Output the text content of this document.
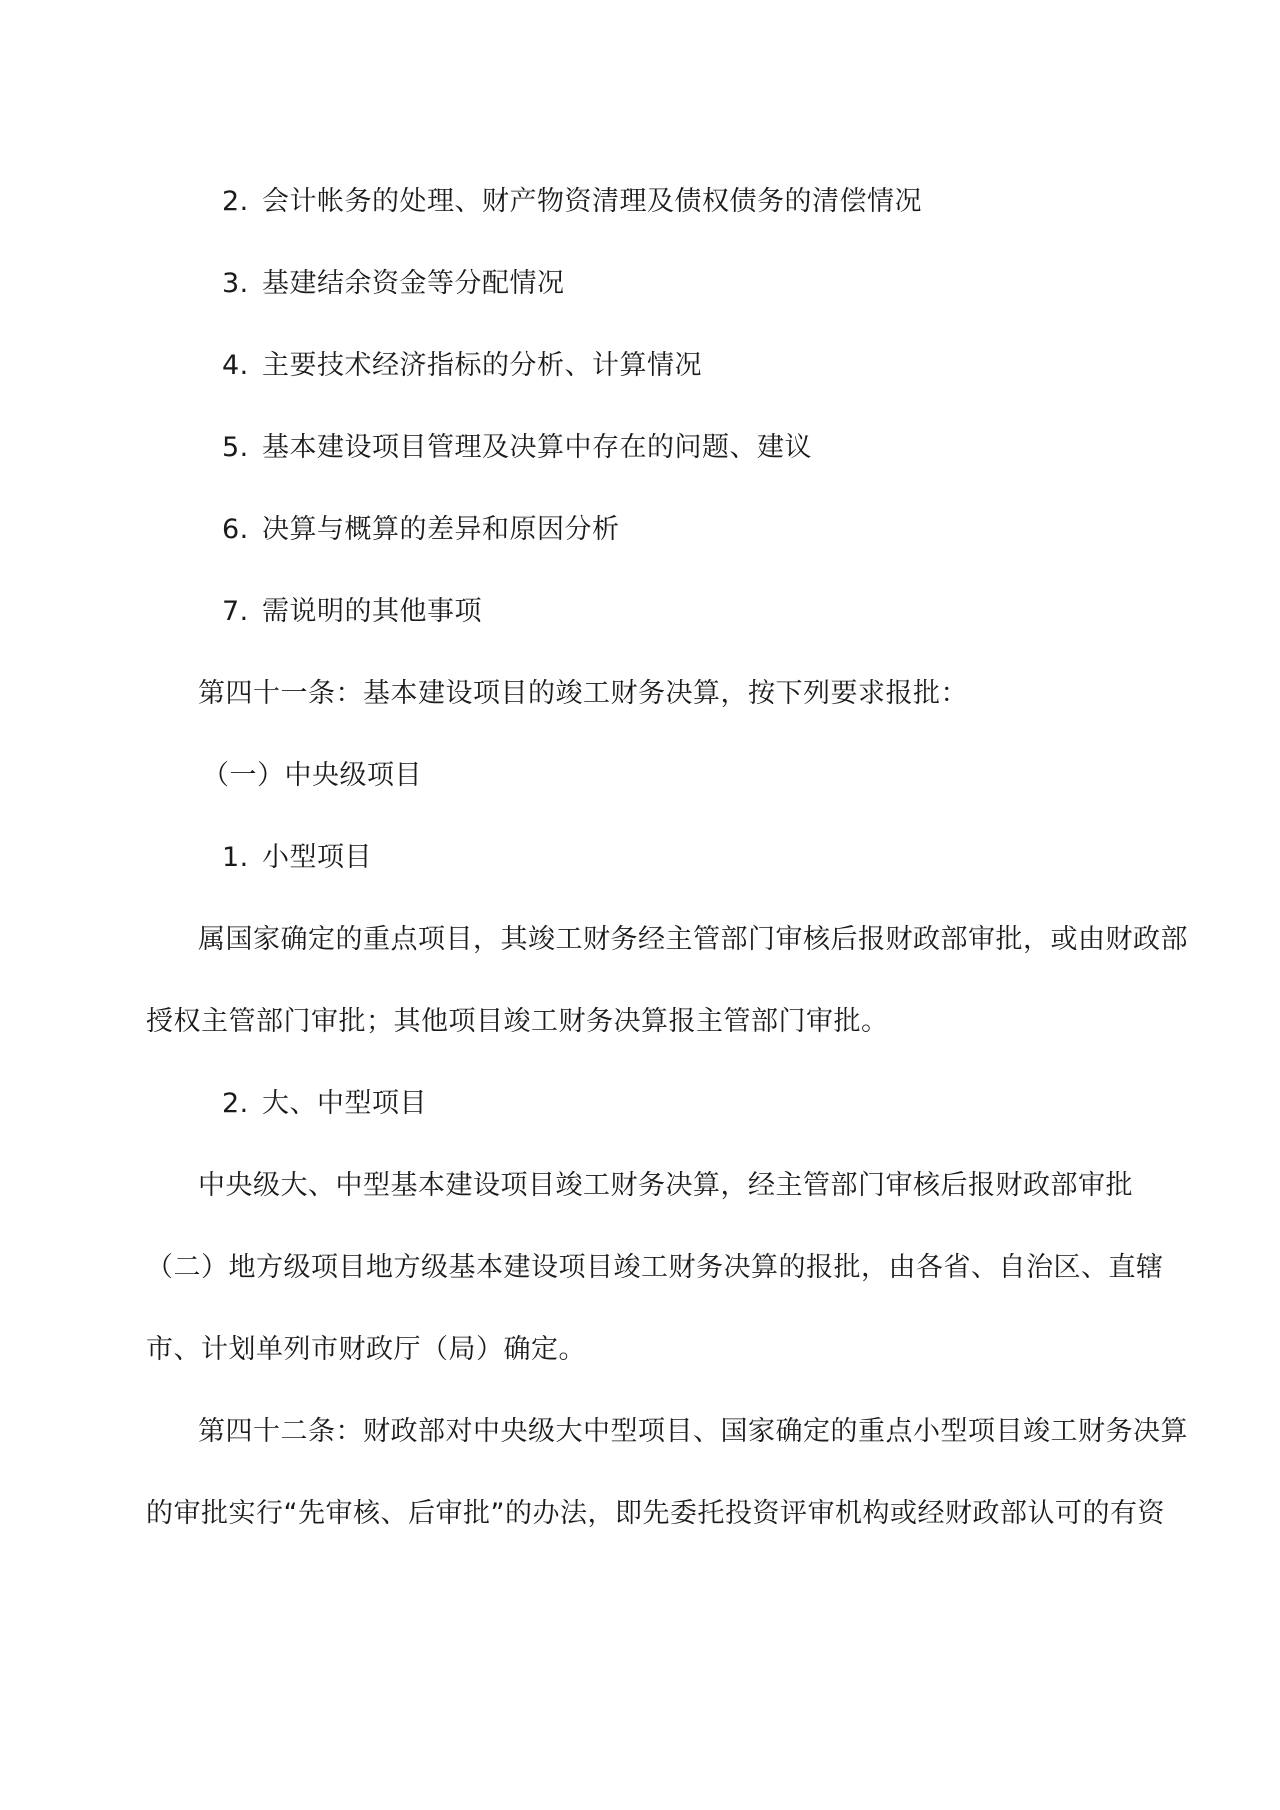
2. 会计帐务的处理、财产物资清理及债权债务的清偿情况
3. 基建结余资金等分配情况
4. 主要技术经济指标的分析、计算情况
5. 基本建设项目管理及决算中存在的问题、建议
6. 决算与概算的差异和原因分析
7. 需说明的其他事项
第四十一条：基本建设项目的竣工财务决算，按下列要求报批：
（一）中央级项目
1. 小型项目
属国家确定的重点项目，其竣工财务经主管部门审核后报财政部审批，或由财政部
授权主管部门审批；其他项目竣工财务决算报主管部门审批。
2. 大、中型项目
中央级大、中型基本建设项目竣工财务决算，经主管部门审核后报财政部审批
（二）地方级项目地方级基本建设项目竣工财务决算的报批，由各省、自治区、直辖
市、计划单列市财政厅（局）确定。
第四十二条：财政部对中央级大中型项目、国家确定的重点小型项目竣工财务决算
的审批实行“先审核、后审批”的办法，即先委托投资评审机构或经财政部认可的有资
